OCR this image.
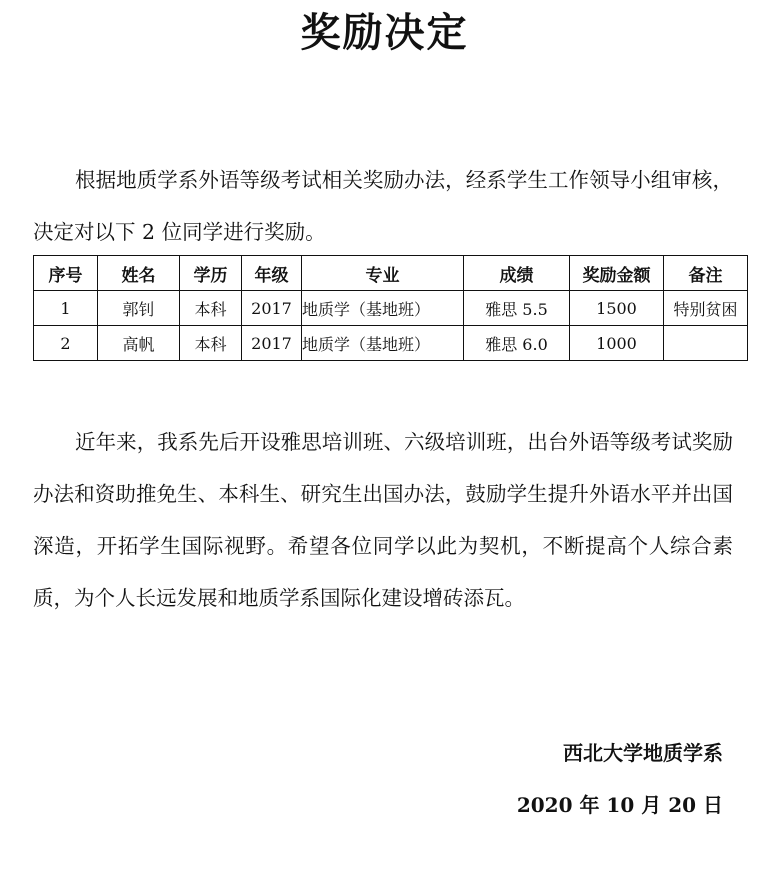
奖励决定
根据地质学系外语等级考试相关奖励办法，经系学生工作领导小组审核，决定对以下 2 位同学进行奖励。
序号	姓名	学历	年级	专业	成绩	奖励金额	备注
1	郭钊	本科	2017	地质学（基地班）	雅思 5.5	1500	特别贫困
2	高帆	本科	2017	地质学（基地班）	雅思 6.0	1000	
近年来，我系先后开设雅思培训班、六级培训班，出台外语等级考试奖励办法和资助推免生、本科生、研究生出国办法，鼓励学生提升外语水平并出国深造，开拓学生国际视野。希望各位同学以此为契机，不断提高个人综合素质，为个人长远发展和地质学系国际化建设增砖添瓦。
西北大学地质学系
2020 年 10 月 20 日
